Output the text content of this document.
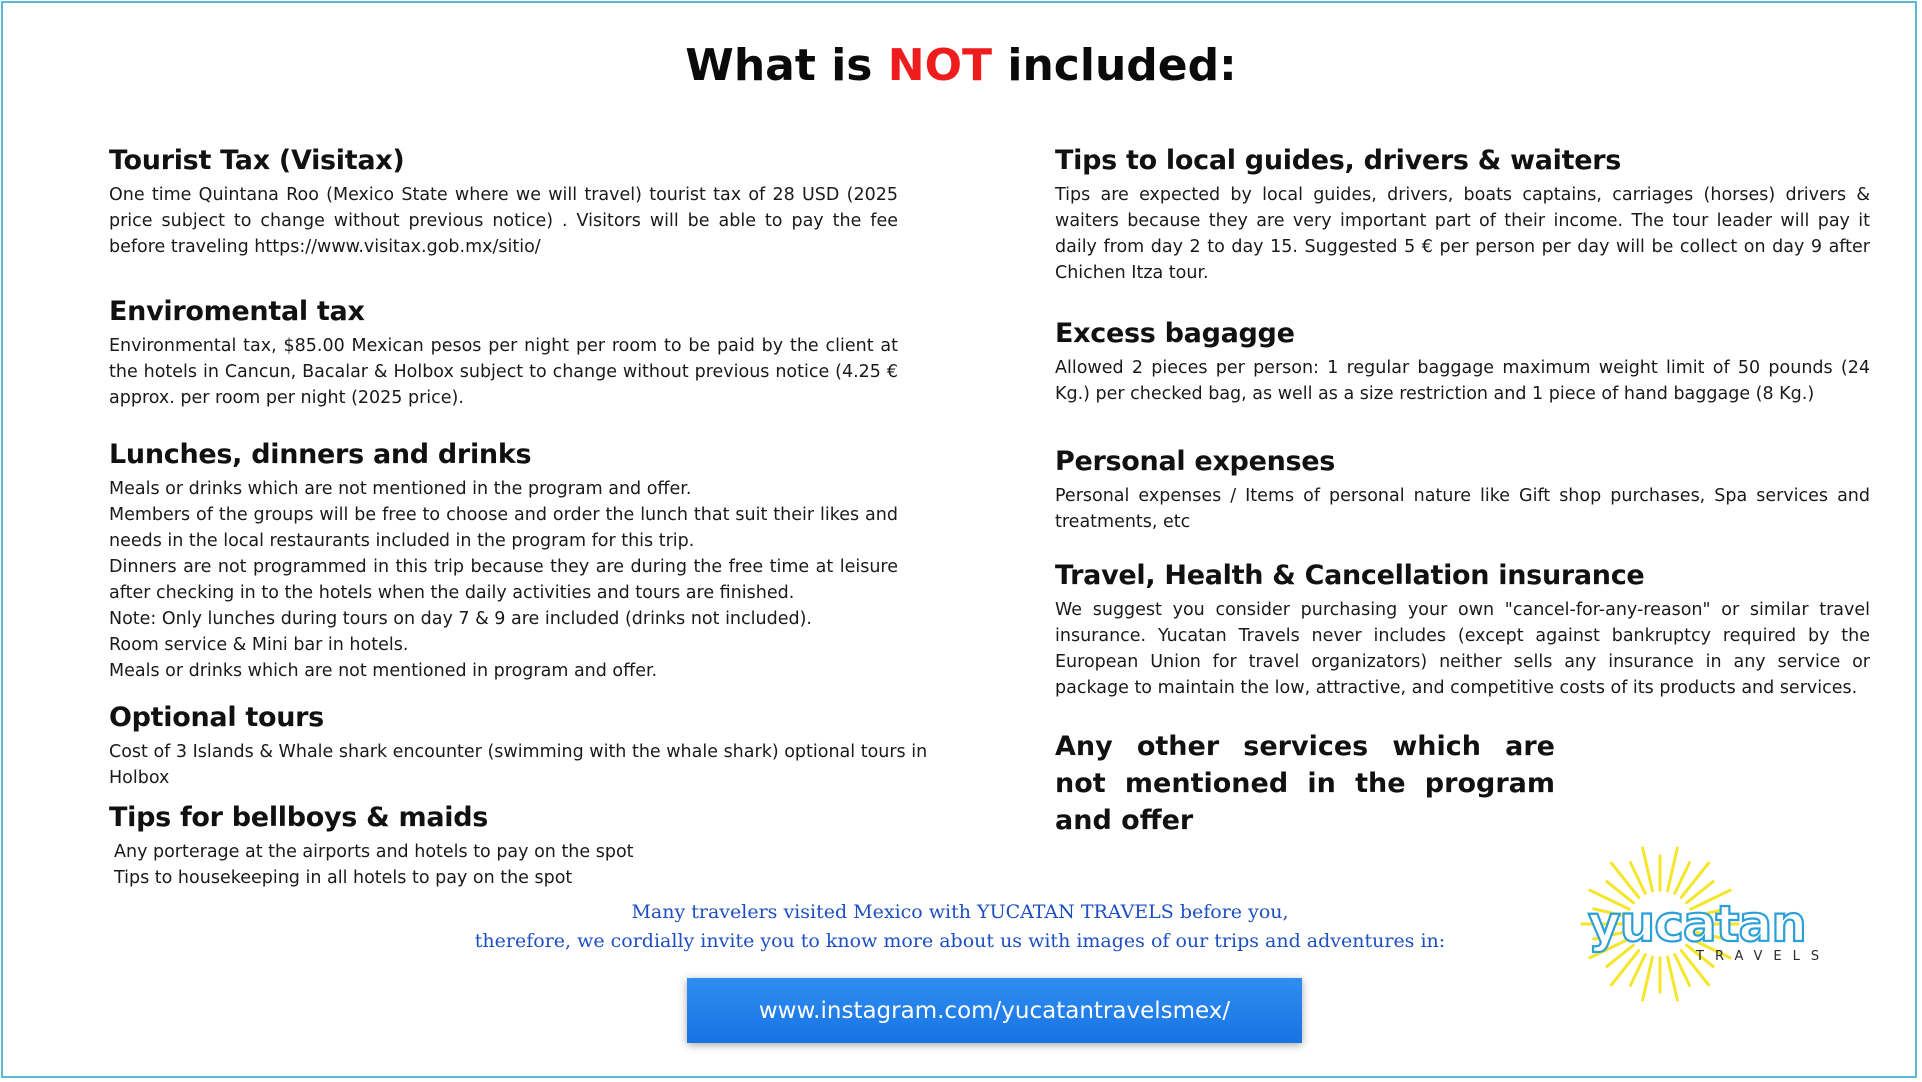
What is NOT included:
Tourist Tax (Visitax)

One time Quintana Roo (Mexico State where we will travel) tourist tax of 28 USD (2025 price subject to change without previous notice) . Visitors will be able to pay the fee before traveling https://www.visitax.gob.mx/sitio/

Enviromental tax

Environmental tax, $85.00 Mexican pesos per night per room to be paid by the client at the hotels in Cancun, Bacalar & Holbox subject to change without previous notice (4.25 € approx. per room per night (2025 price).

Lunches, dinners and drinks

Meals or drinks which are not mentioned in the program and offer.
Members of the groups will be free to choose and order the lunch that suit their likes and needs in the local restaurants included in the program for this trip.
Dinners are not programmed in this trip because they are during the free time at leisure after checking in to the hotels when the daily activities and tours are finished.
Note: Only lunches during tours on day 7 & 9 are included (drinks not included).
Room service & Mini bar in hotels.
Meals or drinks which are not mentioned in program and offer.

Optional tours

Cost of 3 Islands & Whale shark encounter (swimming with the whale shark) optional tours in Holbox

Tips for bellboys & maids

Any porterage at the airports and hotels to pay on the spot
Tips to housekeeping in all hotels to pay on the spot

Tips to local guides, drivers & waiters

Tips are expected by local guides, drivers, boats captains, carriages (horses) drivers & waiters because they are very important part of their income. The tour leader will pay it daily from day 2 to day 15. Suggested 5 € per person per day will be collect on day 9 after Chichen Itza tour.

Excess bagagge

Allowed 2 pieces per person: 1 regular baggage maximum weight limit of 50 pounds (24 Kg.) per checked bag, as well as a size restriction and 1 piece of hand baggage (8 Kg.)

Personal expenses

Personal expenses / Items of personal nature like Gift shop purchases, Spa services and treatments, etc

Travel, Health & Cancellation insurance

We suggest you consider purchasing your own "cancel-for-any-reason" or similar travel insurance. Yucatan Travels never includes (except against bankruptcy required by the European Union for travel organizators) neither sells any insurance in any service or package to maintain the low, attractive, and competitive costs of its products and services.

Any other services which are not mentioned in the program and offer
Many travelers visited Mexico with YUCATAN TRAVELS before you,
therefore, we cordially invite you to know more about us with images of our trips and adventures in:
www.instagram.com/yucatantravelsmex/
yucatan
TRAVELS
